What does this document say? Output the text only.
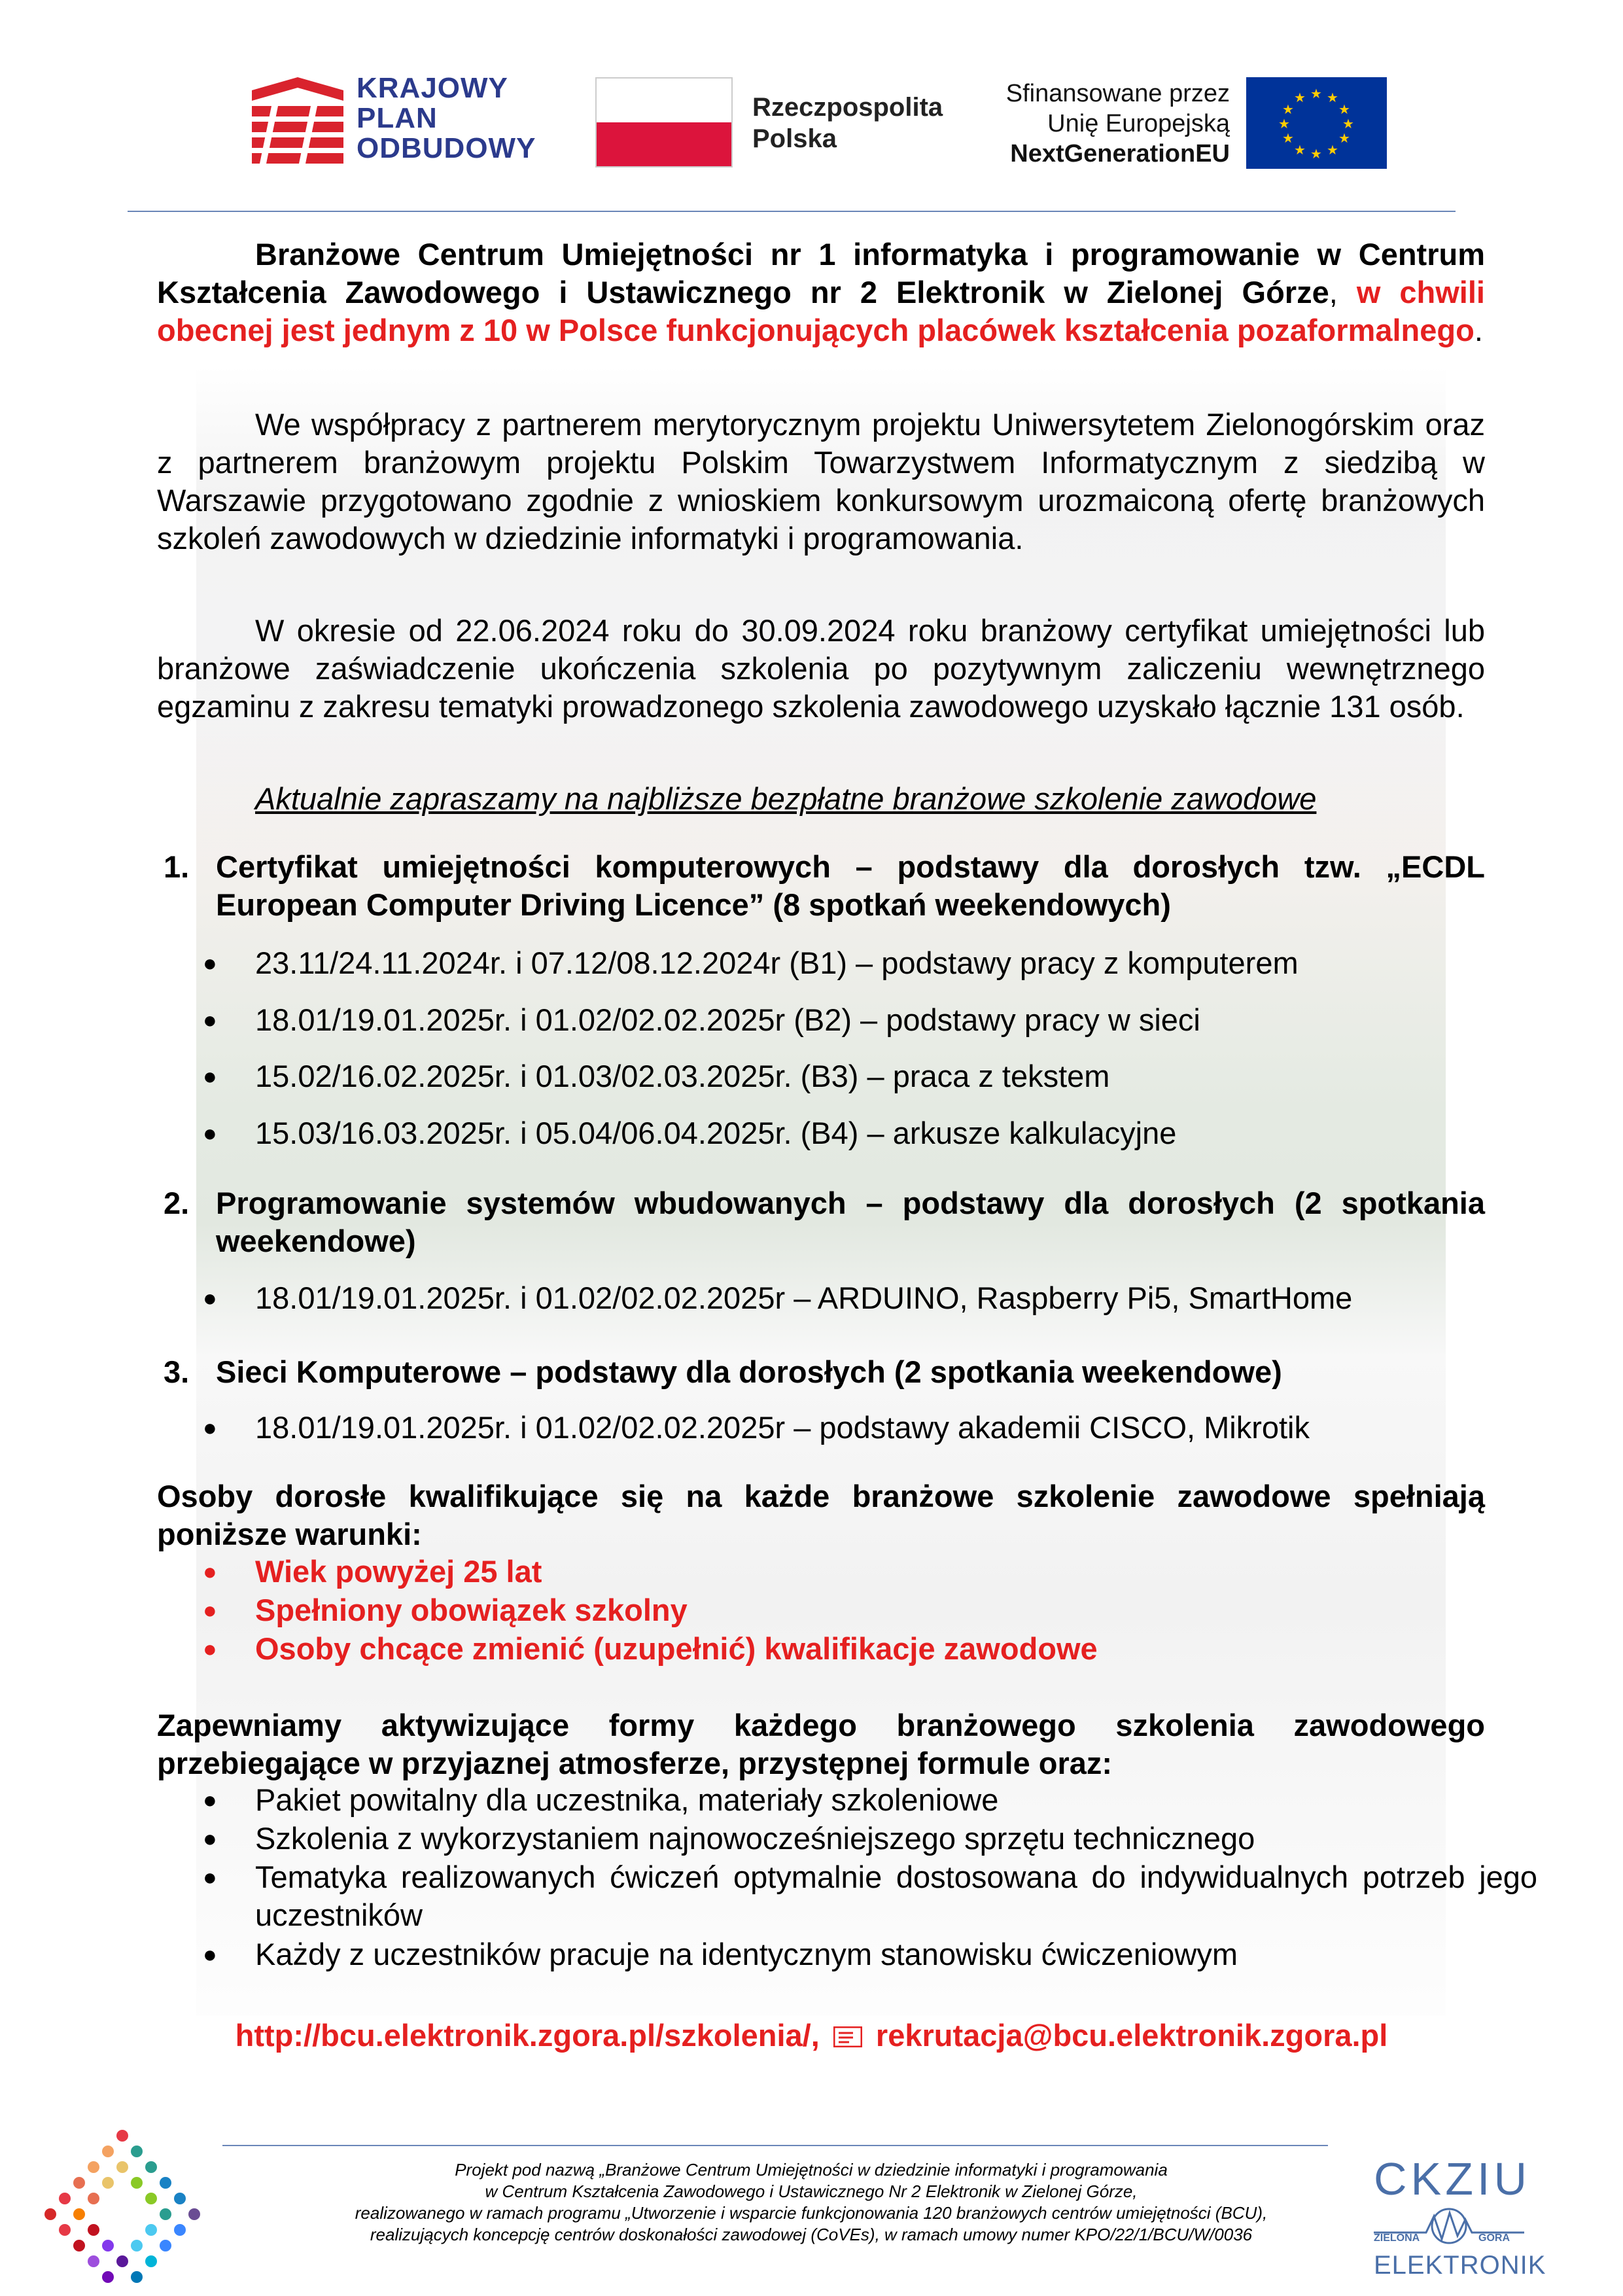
KRAJOWY
PLAN
ODBUDOWY
Rzeczpospolita
Polska
Sfinansowane przez
Unię Europejską
NextGenerationEU
★ ★
★
★
★
★
★
★
★
★
★
★
Branżowe Centrum Umiejętności nr 1 informatyka i programowanie w Centrum Kształcenia Zawodowego i Ustawicznego nr 2 Elektronik w Zielonej Górze, w chwili obecnej jest jednym z 10 w Polsce funkcjonujących placówek kształcenia pozaformalnego.
We współpracy z partnerem merytorycznym projektu Uniwersytetem Zielonogórskim oraz z partnerem branżowym projektu Polskim Towarzystwem Informatycznym z siedzibą w Warszawie przygotowano zgodnie z wnioskiem konkursowym urozmaiconą ofertę branżowych szkoleń zawodowych w dziedzinie informatyki i programowania.
W okresie od 22.06.2024 roku do 30.09.2024 roku branżowy certyfikat umiejętności lub branżowe zaświadczenie ukończenia szkolenia po pozytywnym zaliczeniu wewnętrznego egzaminu z zakresu tematyki prowadzonego szkolenia zawodowego uzyskało łącznie 131 osób.
Aktualnie zapraszamy na najbliższe bezpłatne branżowe szkolenie zawodowe
1. Certyfikat umiejętności komputerowych – podstawy dla dorosłych tzw. „ECDL European Computer Driving Licence” (8 spotkań weekendowych)
● 23.11/24.11.2024r. i 07.12/08.12.2024r (B1) – podstawy pracy z komputerem
● 18.01/19.01.2025r. i 01.02/02.02.2025r (B2) – podstawy pracy w sieci
● 15.02/16.02.2025r. i 01.03/02.03.2025r. (B3) – praca z tekstem
● 15.03/16.03.2025r. i 05.04/06.04.2025r. (B4) – arkusze kalkulacyjne
2. Programowanie systemów wbudowanych – podstawy dla dorosłych (2 spotkania weekendowe)
● 18.01/19.01.2025r. i 01.02/02.02.2025r – ARDUINO, Raspberry Pi5, SmartHome
3. Sieci Komputerowe – podstawy dla dorosłych (2 spotkania weekendowe)
● 18.01/19.01.2025r. i 01.02/02.02.2025r – podstawy akademii CISCO, Mikrotik
Osoby dorosłe kwalifikujące się na każde branżowe szkolenie zawodowe spełniają poniższe warunki:
● Wiek powyżej 25 lat
● Spełniony obowiązek szkolny
● Osoby chcące zmienić (uzupełnić) kwalifikacje zawodowe
Zapewniamy aktywizujące formy każdego branżowego szkolenia zawodowego przebiegające w przyjaznej atmosferze, przystępnej formule oraz:
● Pakiet powitalny dla uczestnika, materiały szkoleniowe
● Szkolenia z wykorzystaniem najnowocześniejszego sprzętu technicznego
● Tematyka realizowanych ćwiczeń optymalnie dostosowana do indywidualnych potrzeb jego uczestników
● Każdy z uczestników pracuje na identycznym stanowisku ćwiczeniowym
http://bcu.elektronik.zgora.pl/szkolenia/, rekrutacja@bcu.elektronik.zgora.pl
Projekt pod nazwą „Branżowe Centrum Umiejętności w dziedzinie informatyki i programowania
w Centrum Kształcenia Zawodowego i Ustawicznego Nr 2 Elektronik w Zielonej Górze,
realizowanego w ramach programu „Utworzenie i wsparcie funkcjonowania 120 branżowych centrów umiejętności (BCU),
realizujących koncepcję centrów doskonałości zawodowej (CoVEs), w ramach umowy numer KPO/22/1/BCU/W/0036
CKZIU
ZIELONA	GÓRA
ELEKTRONIK
